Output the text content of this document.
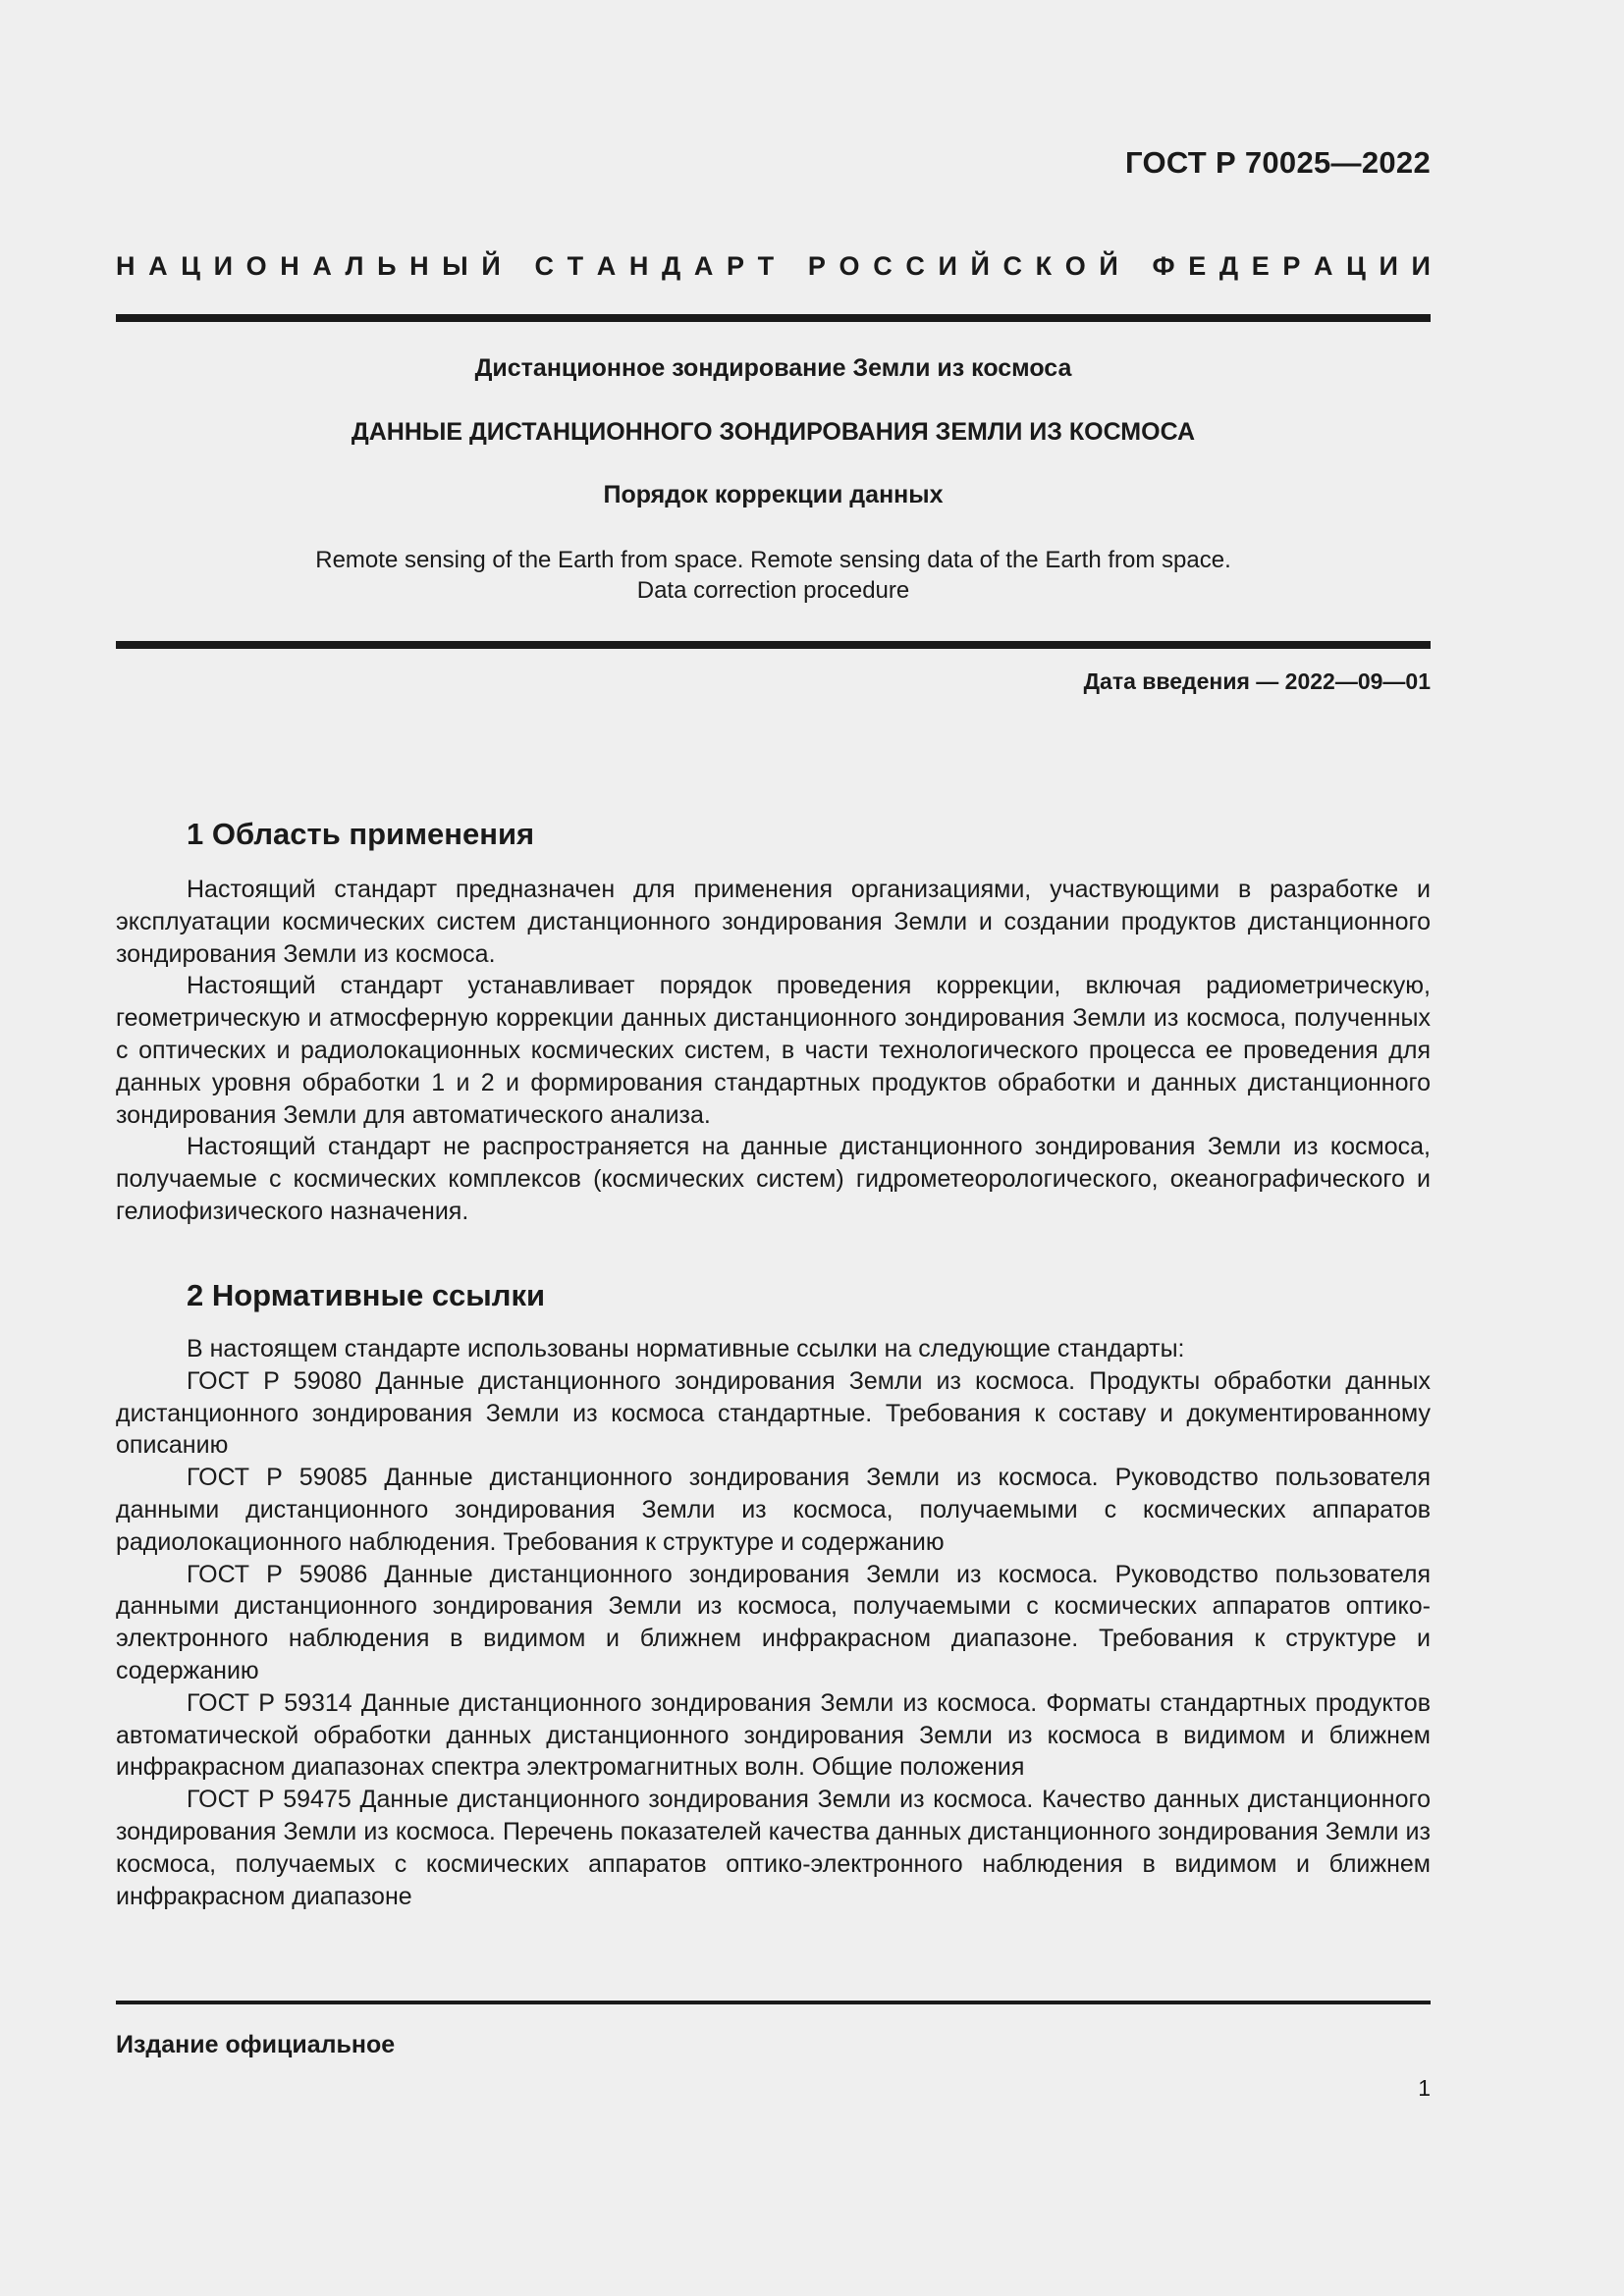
ГОСТ Р 70025—2022
Н А Ц И О Н А Л Ь Н Ы Й
С Т А Н Д А Р Т
Р О С С И Й С К О Й
Ф Е Д Е Р А Ц И И
Дистанционное зондирование Земли из космоса
ДАННЫЕ ДИСТАНЦИОННОГО ЗОНДИРОВАНИЯ ЗЕМЛИ ИЗ КОСМОСА
Порядок коррекции данных
Remote sensing of the Earth from space. Remote sensing data of the Earth from space.
Data correction procedure
Дата введения — 2022—09—01
1 Область применения

Настоящий стандарт предназначен для применения организациями, участвующими в разработке и эксплуатации космических систем дистанционного зондирования Земли и создании продуктов дистанционного зондирования Земли из космоса.

Настоящий стандарт устанавливает порядок проведения коррекции, включая радиометрическую, геометрическую и атмосферную коррекции данных дистанционного зондирования Земли из космоса, полученных с оптических и радиолокационных космических систем, в части технологического процесса ее проведения для данных уровня обработки 1 и 2 и формирования стандартных продуктов обработки и данных дистанционного зондирования Земли для автоматического анализа.

Настоящий стандарт не распространяется на данные дистанционного зондирования Земли из космоса, получаемые с космических комплексов (космических систем) гидрометеорологического, океанографического и гелиофизического назначения.

2 Нормативные ссылки

В настоящем стандарте использованы нормативные ссылки на следующие стандарты:

ГОСТ Р 59080 Данные дистанционного зондирования Земли из космоса. Продукты обработки данных дистанционного зондирования Земли из космоса стандартные. Требования к составу и документированному описанию

ГОСТ Р 59085 Данные дистанционного зондирования Земли из космоса. Руководство пользователя данными дистанционного зондирования Земли из космоса, получаемыми с космических аппаратов радиолокационного наблюдения. Требования к структуре и содержанию

ГОСТ Р 59086 Данные дистанционного зондирования Земли из космоса. Руководство пользователя данными дистанционного зондирования Земли из космоса, получаемыми с космических аппаратов оптико-электронного наблюдения в видимом и ближнем инфракрасном диапазоне. Требования к структуре и содержанию

ГОСТ Р 59314 Данные дистанционного зондирования Земли из космоса. Форматы стандартных продуктов автоматической обработки данных дистанционного зондирования Земли из космоса в видимом и ближнем инфракрасном диапазонах спектра электромагнитных волн. Общие положения

ГОСТ Р 59475 Данные дистанционного зондирования Земли из космоса. Качество данных дистанционного зондирования Земли из космоса. Перечень показателей качества данных дистанционного зондирования Земли из космоса, получаемых с космических аппаратов оптико-электронного наблюдения в видимом и ближнем инфракрасном диапазоне

Издание официальное
1
